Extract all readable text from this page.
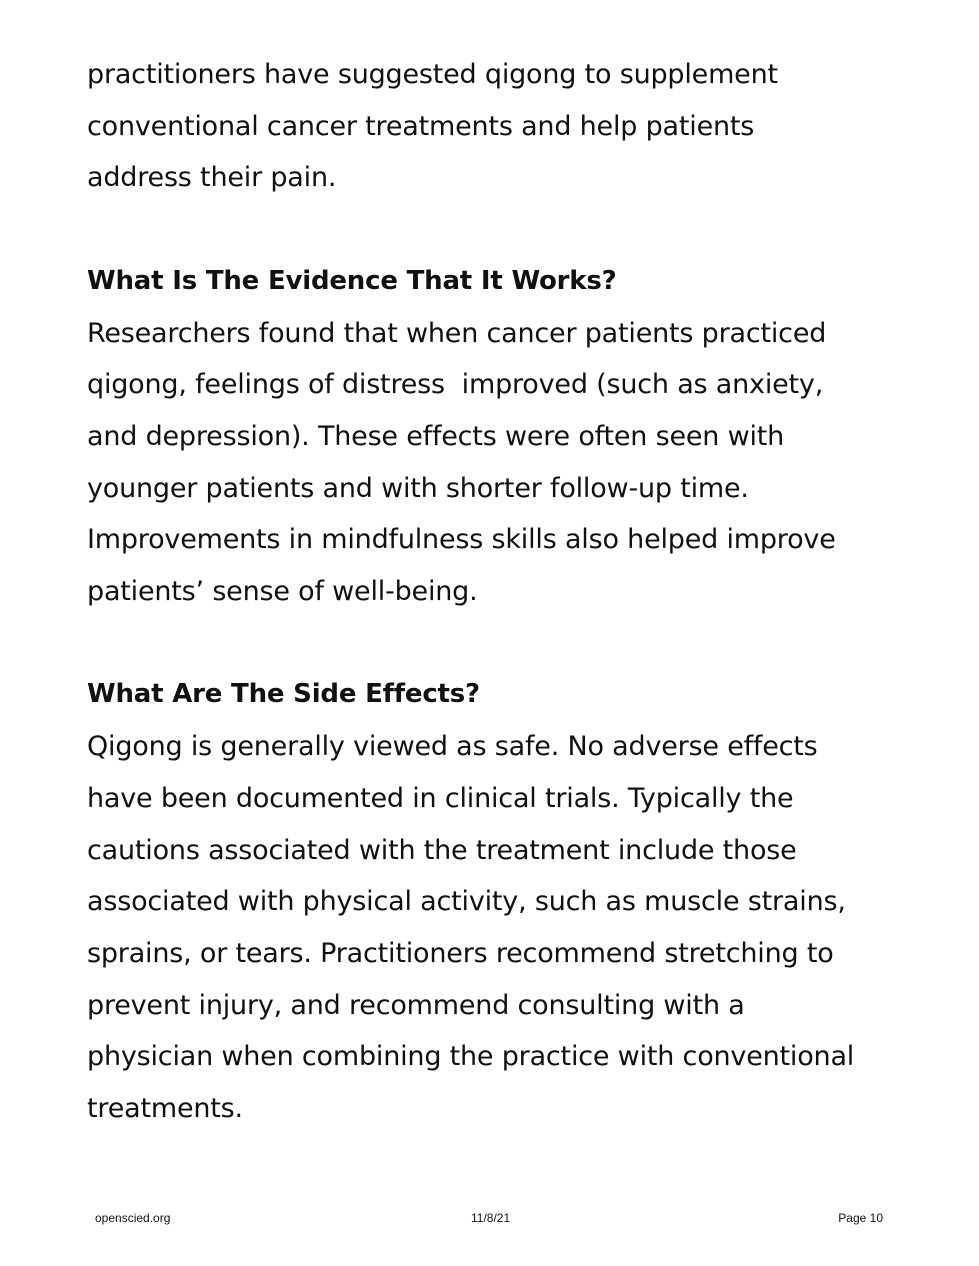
practitioners have suggested qigong to supplement
conventional cancer treatments and help patients
address their pain.

What Is The Evidence That It Works?

Researchers found that when cancer patients practiced
qigong, feelings of distress  improved (such as anxiety,
and depression). These effects were often seen with
younger patients and with shorter follow-up time.
Improvements in mindfulness skills also helped improve
patients’ sense of well-being.

What Are The Side Effects?

Qigong is generally viewed as safe. No adverse effects
have been documented in clinical trials. Typically the
cautions associated with the treatment include those
associated with physical activity, such as muscle strains,
sprains, or tears. Practitioners recommend stretching to
prevent injury, and recommend consulting with a
physician when combining the practice with conventional
treatments.

openscied.org	11/8/21	Page 10
